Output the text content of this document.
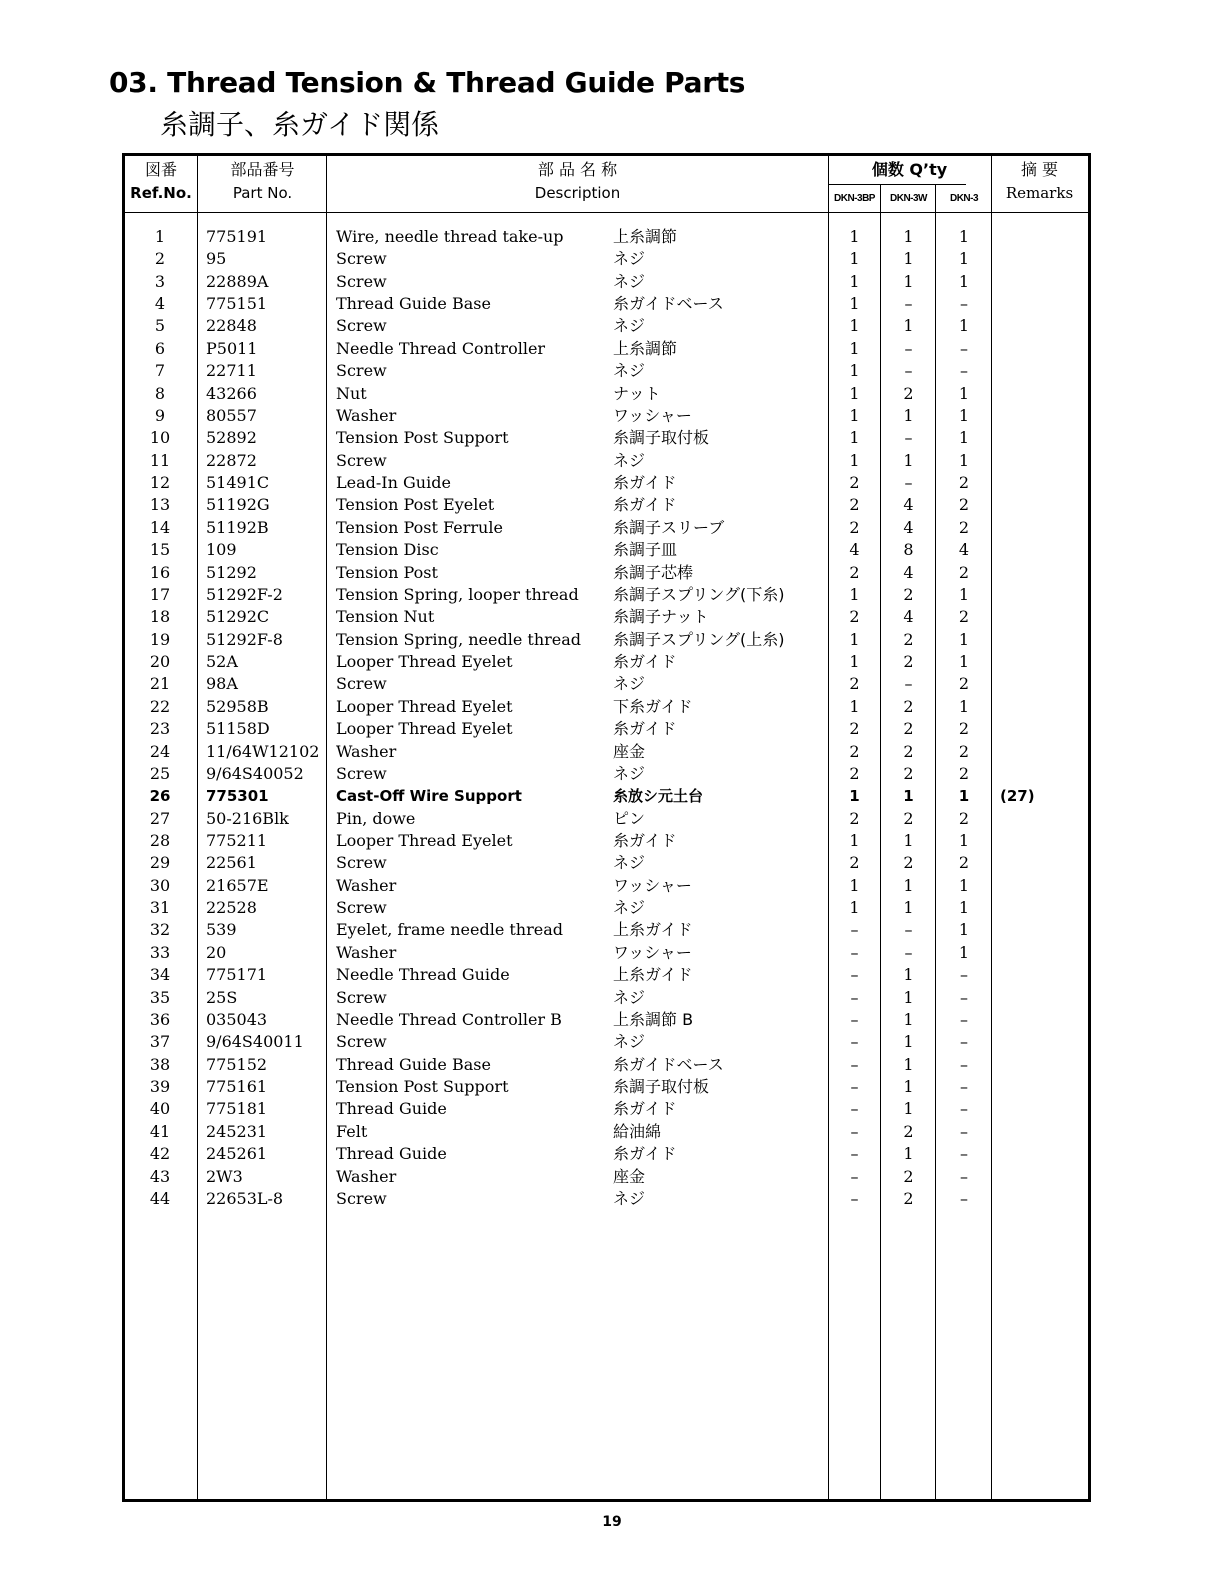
03. Thread Tension & Thread Guide Parts
糸調子、糸ガイド関係
図番
Ref.No.
部品番号
Part No.
部 品 名 称
Description
個数 Q’ty
DKN-3BP	DKN-3W	DKN-3
摘 要
Remarks
1	775191	Wire, needle thread take-up	上糸調節	1	1	1
2	95	Screw	ネジ	1	1	1
3	22889A	Screw	ネジ	1	1	1
4	775151	Thread Guide Base	糸ガイドベース	1	–	–
5	22848	Screw	ネジ	1	1	1
6	P5011	Needle Thread Controller	上糸調節	1	–	–
7	22711	Screw	ネジ	1	–	–
8	43266	Nut	ナット	1	2	1
9	80557	Washer	ワッシャー	1	1	1
10	52892	Tension Post Support	糸調子取付板	1	–	1
11	22872	Screw	ネジ	1	1	1
12	51491C	Lead-In Guide	糸ガイド	2	–	2
13	51192G	Tension Post Eyelet	糸ガイド	2	4	2
14	51192B	Tension Post Ferrule	糸調子スリーブ	2	4	2
15	109	Tension Disc	糸調子皿	4	8	4
16	51292	Tension Post	糸調子芯棒	2	4	2
17	51292F-2	Tension Spring, looper thread 糸調子スプリング(下糸)	1	2	1
18	51292C	Tension Nut	糸調子ナット	2	4	2
19	51292F-8	Tension Spring, needle thread 糸調子スプリング(上糸)	1	2	1
20	52A	Looper Thread Eyelet	糸ガイド	1	2	1
21	98A	Screw	ネジ	2	–	2
22	52958B	Looper Thread Eyelet	下糸ガイド	1	2	1
23	51158D	Looper Thread Eyelet	糸ガイド	2	2	2
24	11/64W12102 Washer	座金	2	2	2
25	9/64S40052 Screw	ネジ	2	2	2
26	775301	Cast-Off Wire Support	糸放シ元土台	1	1	1	(27)
27	50-216Blk	Pin, dowe	ピン	2	2	2
28	775211	Looper Thread Eyelet	糸ガイド	1	1	1
29	22561	Screw	ネジ	2	2	2
30	21657E	Washer	ワッシャー	1	1	1
31	22528	Screw	ネジ	1	1	1
32	539	Eyelet, frame needle thread	上糸ガイド	–	–	1
33	20	Washer	ワッシャー	–	–	1
34	775171	Needle Thread Guide	上糸ガイド	–	1	–
35	25S	Screw	ネジ	–	1	–
36	035043	Needle Thread Controller B	上糸調節 B	–	1	–
37	9/64S40011 Screw	ネジ	–	1	–
38	775152	Thread Guide Base	糸ガイドベース	–	1	–
39	775161	Tension Post Support	糸調子取付板	–	1	–
40	775181	Thread Guide	糸ガイド	–	1	–
41	245231	Felt	給油綿	–	2	–
42	245261	Thread Guide	糸ガイド	–	1	–
43	2W3	Washer	座金	–	2	–
44	22653L-8	Screw	ネジ	–	2	–
19
